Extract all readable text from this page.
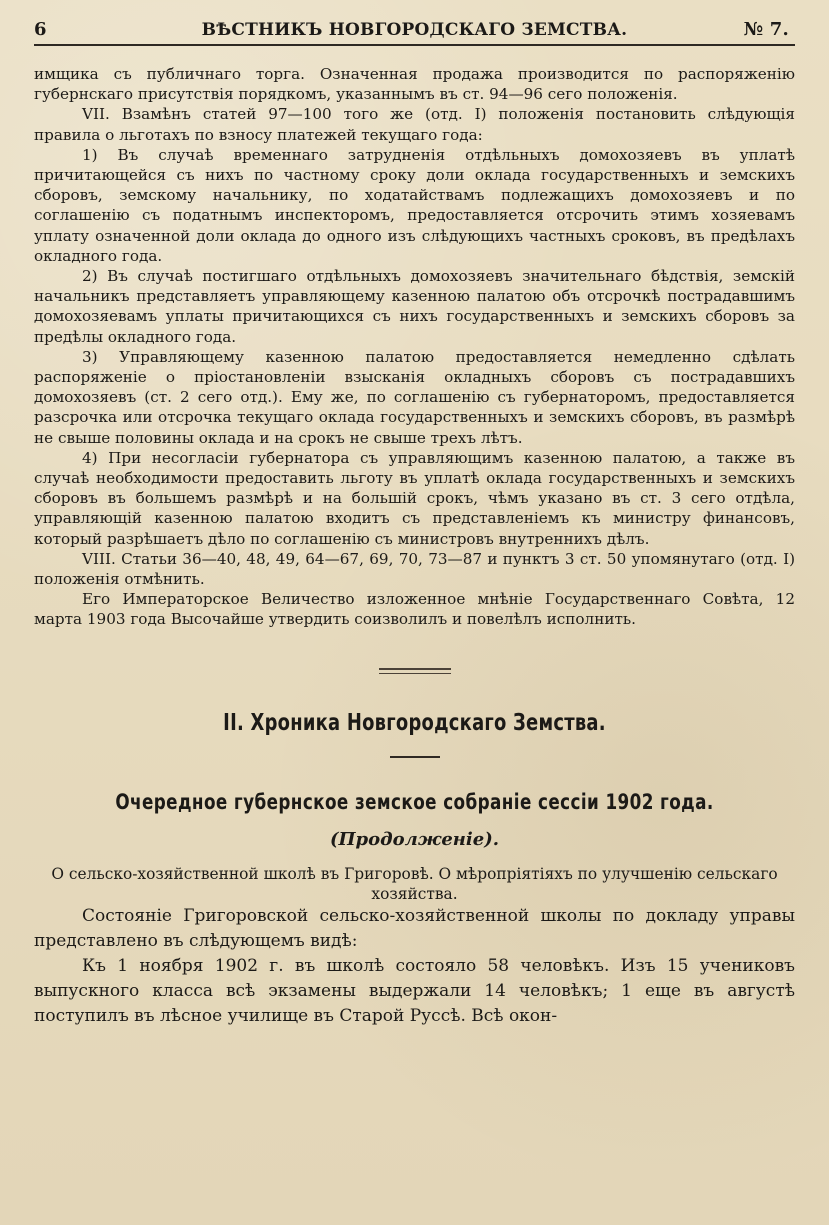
6	ВѢСТНИКЪ НОВГОРОДСКАГО ЗЕМСТВА.	№ 7.

имщика съ публичнаго торга. Означенная продажа производится по распоряженію губернскаго присутствія порядкомъ, указаннымъ въ ст. 94—96 сего положенія.

VII. Взамѣнъ статей 97—100 того же (отд. I) положенія постановить слѣдующія правила о льготахъ по взносу платежей текущаго года:

1) Въ случаѣ временнаго затрудненія отдѣльныхъ домохозяевъ въ уплатѣ причитающейся съ нихъ по частному сроку доли оклада государственныхъ и земскихъ сборовъ, земскому начальнику, по ходатайствамъ подлежащихъ домохозяевъ и по соглашенію съ податнымъ инспекторомъ, предоставляется отсрочить этимъ хозяевамъ уплату означенной доли оклада до одного изъ слѣдующихъ частныхъ сроковъ, въ предѣлахъ окладного года.

2) Въ случаѣ постигшаго отдѣльныхъ домохозяевъ значительнаго бѣдствія, земскій начальникъ представляетъ управляющему казенною палатою объ отсрочкѣ пострадавшимъ домохозяевамъ уплаты причитающихся съ нихъ государственныхъ и земскихъ сборовъ за предѣлы окладного года.

3) Управляющему казенною палатою предоставляется немедленно сдѣлать распоряженіе о пріостановленіи взысканія окладныхъ сборовъ съ пострадавшихъ домохозяевъ (ст. 2 сего отд.). Ему же, по соглашенію съ губернаторомъ, предоставляется разсрочка или отсрочка текущаго оклада государственныхъ и земскихъ сборовъ, въ размѣрѣ не свыше половины оклада и на срокъ не свыше трехъ лѣтъ.

4) При несогласіи губернатора съ управляющимъ казенною палатою, а также въ случаѣ необходимости предоставить льготу въ уплатѣ оклада государственныхъ и земскихъ сборовъ въ большемъ размѣрѣ и на большій срокъ, чѣмъ указано въ ст. 3 сего отдѣла, управляющій казенною палатою входитъ съ представленіемъ къ министру финансовъ, который разрѣшаетъ дѣло по соглашенію съ министровъ внутреннихъ дѣлъ.

VIII. Статьи 36—40, 48, 49, 64—67, 69, 70, 73—87 и пунктъ 3 ст. 50 упомянутаго (отд. I) положенія отмѣнить.

Его Императорское Величество изложенное мнѣніе Государственнаго Совѣта, 12 марта 1903 года Высочайше утвердить соизволилъ и повелѣлъ исполнить.

II. Хроника Новгородскаго Земства.
Очередное губернское земское собраніе сессіи 1902 года.
(Продолженіе).

О сельско-хозяйственной школѣ въ Григоровѣ. О мѣропріятіяхъ по улучшенію сельскаго хозяйства.

Состояніе Григоровской сельско-хозяйственной школы по докладу управы представлено въ слѣдующемъ видѣ:

Къ 1 ноября 1902 г. въ школѣ состояло 58 человѣкъ. Изъ 15 учениковъ выпускного класса всѣ экзамены выдержали 14 человѣкъ; 1 еще въ августѣ поступилъ въ лѣсное училище въ Старой Руссѣ. Всѣ окон-
